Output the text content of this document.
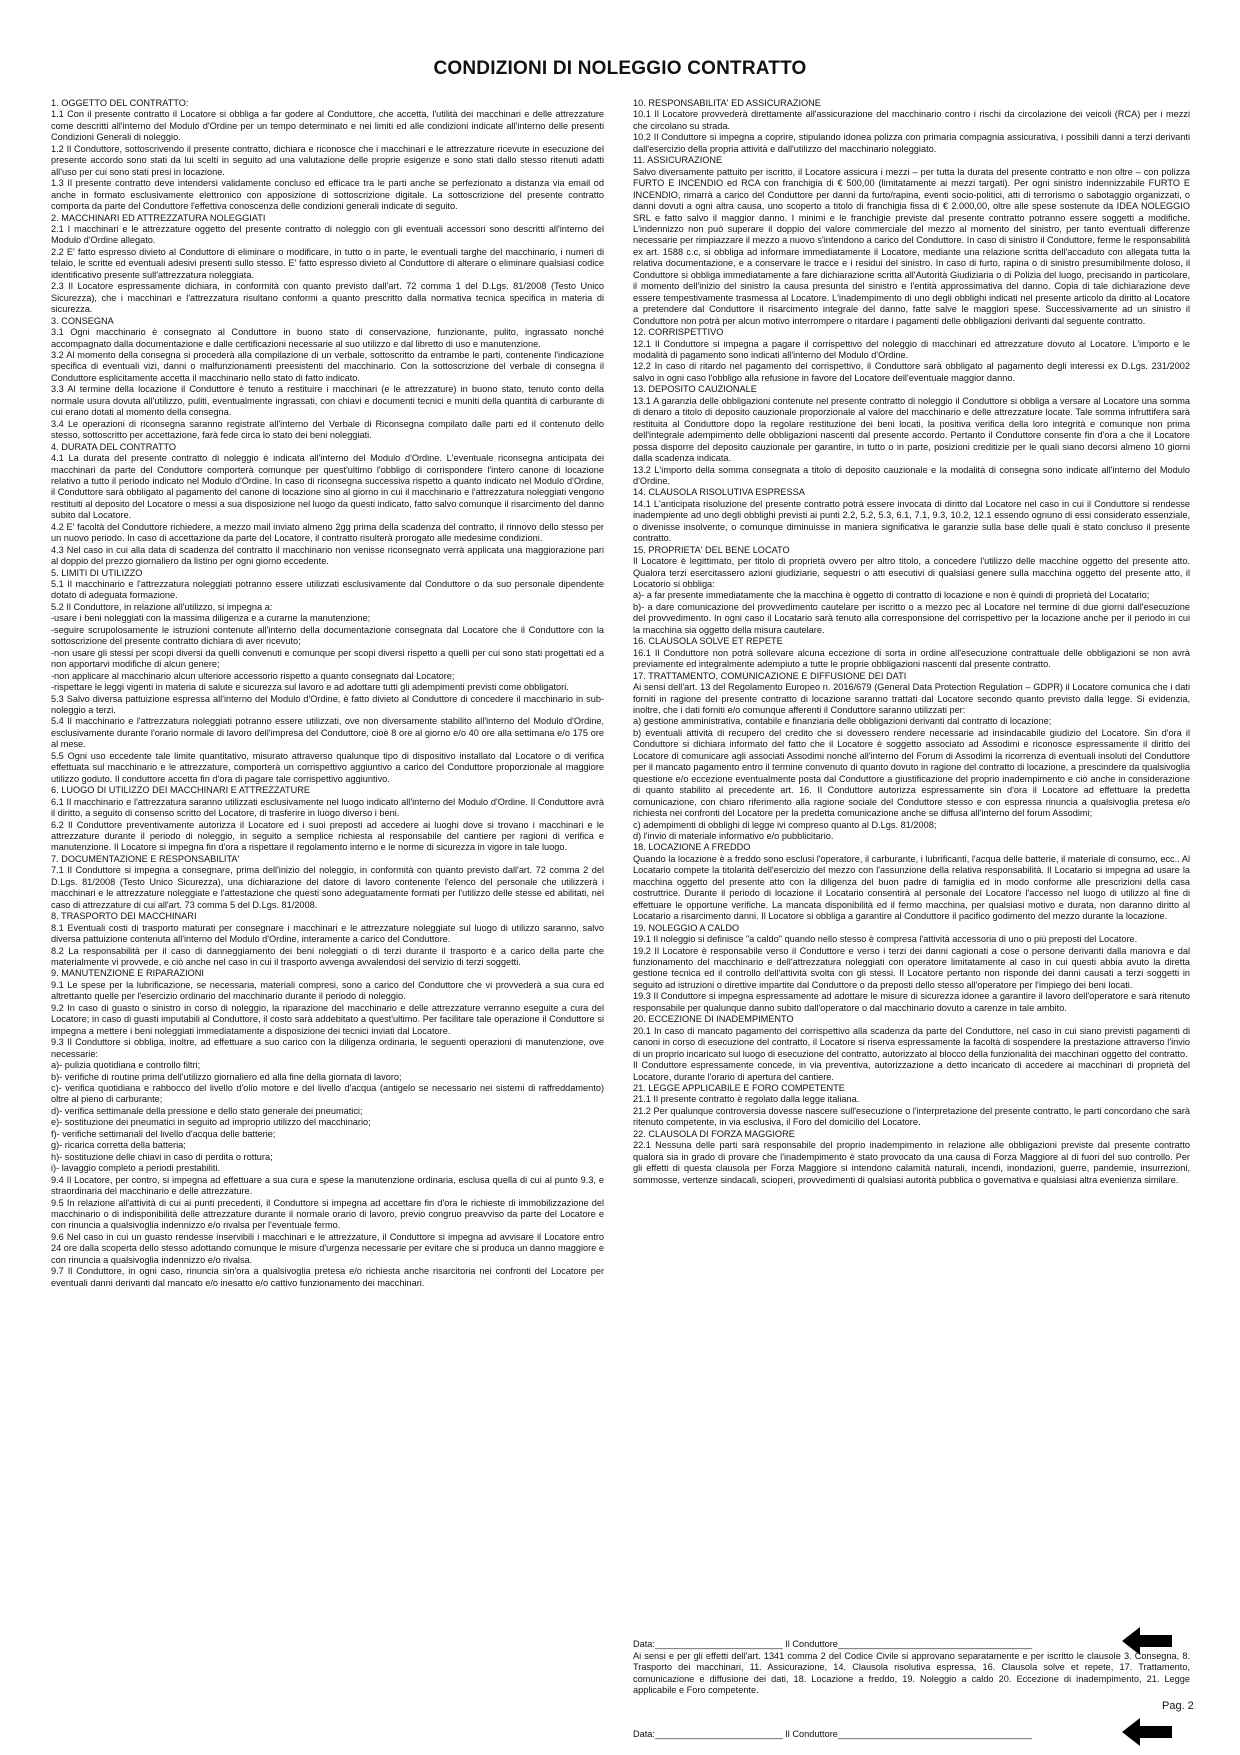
CONDIZIONI DI NOLEGGIO CONTRATTO

1. OGGETTO DEL CONTRATTO:

1.1 Con il presente contratto il Locatore si obbliga a far godere al Conduttore, che accetta, l'utilità dei macchinari e delle attrezzature come descritti all'interno del Modulo d'Ordine per un tempo determinato e nei limiti ed alle condizioni indicate all'interno delle presenti Condizioni Generali di noleggio.

1.2 Il Conduttore, sottoscrivendo il presente contratto, dichiara e riconosce che i macchinari e le attrezzature ricevute in esecuzione del presente accordo sono stati da lui scelti in seguito ad una valutazione delle proprie esigenze e sono stati dallo stesso ritenuti adatti all'uso per cui sono stati presi in locazione.

1.3 Il presente contratto deve intendersi validamente concluso ed efficace tra le parti anche se perfezionato a distanza via email od anche in formato esclusivamente elettronico con apposizione di sottoscrizione digitale. La sottoscrizione del presente contratto comporta da parte del Conduttore l'effettiva conoscenza delle condizioni generali indicate di seguito.

2. MACCHINARI ED ATTREZZATURA NOLEGGIATI

2.1 I macchinari e le attrezzature oggetto del presente contratto di noleggio con gli eventuali accessori sono descritti all'interno del Modulo d'Ordine allegato.

2.2 E' fatto espresso divieto al Conduttore di eliminare o modificare, in tutto o in parte, le eventuali targhe del macchinario, i numeri di telaio, le scritte ed eventuali adesivi presenti sullo stesso. E' fatto espresso divieto al Conduttore di alterare o eliminare qualsiasi codice identificativo presente sull'attrezzatura noleggiata.

2.3 Il Locatore espressamente dichiara, in conformità con quanto previsto dall'art. 72 comma 1 del D.Lgs. 81/2008 (Testo Unico Sicurezza), che i macchinari e l'attrezzatura risultano conformi a quanto prescritto dalla normativa tecnica specifica in materia di sicurezza.

3. CONSEGNA

3.1 Ogni macchinario è consegnato al Conduttore in buono stato di conservazione, funzionante, pulito, ingrassato nonché accompagnato dalla documentazione e dalle certificazioni necessarie al suo utilizzo e dal libretto di uso e manutenzione.

3.2 Al momento della consegna si procederà alla compilazione di un verbale, sottoscritto da entrambe le parti, contenente l'indicazione specifica di eventuali vizi, danni o malfunzionamenti preesistenti del macchinario. Con la sottoscrizione del verbale di consegna il Conduttore esplicitamente accetta il macchinario nello stato di fatto indicato.

3.3 Al termine della locazione il Conduttore è tenuto a restituire i macchinari (e le attrezzature) in buono stato, tenuto conto della normale usura dovuta all'utilizzo, puliti, eventualmente ingrassati, con chiavi e documenti tecnici e muniti della quantità di carburante di cui erano dotati al momento della consegna.

3.4 Le operazioni di riconsegna saranno registrate all'interno del Verbale di Riconsegna compilato dalle parti ed il contenuto dello stesso, sottoscritto per accettazione, farà fede circa lo stato dei beni noleggiati.

4. DURATA DEL CONTRATTO

4.1 La durata del presente contratto di noleggio è indicata all'interno del Modulo d'Ordine. L'eventuale riconsegna anticipata dei macchinari da parte del Conduttore comporterà comunque per quest'ultimo l'obbligo di corrispondere l'intero canone di locazione relativo a tutto il periodo indicato nel Modulo d'Ordine. In caso di riconsegna successiva rispetto a quanto indicato nel Modulo d'Ordine, il Conduttore sarà obbligato al pagamento del canone di locazione sino al giorno in cui il macchinario e l'attrezzatura noleggiati vengono restituiti al deposito del Locatore o messi a sua disposizione nel luogo da questi indicato, fatto salvo comunque il risarcimento del danno subito dal Locatore.

4.2 E' facoltà del Conduttore richiedere, a mezzo mail inviato almeno 2gg prima della scadenza del contratto, il rinnovo dello stesso per un nuovo periodo. In caso di accettazione da parte del Locatore, il contratto risulterà prorogato alle medesime condizioni.

4.3 Nel caso in cui alla data di scadenza del contratto il macchinario non venisse riconsegnato verrà applicata una maggiorazione pari al doppio del prezzo giornaliero da listino per ogni giorno eccedente.

5. LIMITI DI UTILIZZO

5.1 Il macchinario e l'attrezzatura noleggiati potranno essere utilizzati esclusivamente dal Conduttore o da suo personale dipendente dotato di adeguata formazione.

5.2 Il Conduttore, in relazione all'utilizzo, si impegna a:

-usare i beni noleggiati con la massima diligenza e a curarne la manutenzione;

-seguire scrupolosamente le istruzioni contenute all'interno della documentazione consegnata dal Locatore che il Conduttore con la sottoscrizione del presente contratto dichiara di aver ricevuto;

-non usare gli stessi per scopi diversi da quelli convenuti e comunque per scopi diversi rispetto a quelli per cui sono stati progettati ed a non apportarvi modifiche di alcun genere;

-non applicare al macchinario alcun ulteriore accessorio rispetto a quanto consegnato dal Locatore;

-rispettare le leggi vigenti in materia di salute e sicurezza sul lavoro e ad adottare tutti gli adempimenti previsti come obbligatori.

5.3 Salvo diversa pattuizione espressa all'interno del Modulo d'Ordine, è fatto divieto al Conduttore di concedere il macchinario in sub-noleggio a terzi.

5.4 Il macchinario e l'attrezzatura noleggiati potranno essere utilizzati, ove non diversamente stabilito all'interno del Modulo d'Ordine, esclusivamente durante l'orario normale di lavoro dell'impresa del Conduttore, cioè 8 ore al giorno e/o 40 ore alla settimana e/o 175 ore al mese.

5.5 Ogni uso eccedente tale limite quantitativo, misurato attraverso qualunque tipo di dispositivo installato dal Locatore o di verifica effettuata sul macchinario e le attrezzature, comporterà un corrispettivo aggiuntivo a carico del Conduttore proporzionale al maggiore utilizzo goduto. Il conduttore accetta fin d'ora di pagare tale corrispettivo aggiuntivo.

6. LUOGO DI UTILIZZO DEI MACCHINARI E ATTREZZATURE

6.1 Il macchinario e l'attrezzatura saranno utilizzati esclusivamente nel luogo indicato all'interno del Modulo d'Ordine. Il Conduttore avrà il diritto, a seguito di consenso scritto del Locatore, di trasferire in luogo diverso i beni.

6.2 Il Conduttore preventivamente autorizza il Locatore ed i suoi preposti ad accedere ai luoghi dove si trovano i macchinari e le attrezzature durante il periodo di noleggio, in seguito a semplice richiesta al responsabile del cantiere per ragioni di verifica e manutenzione. Il Locatore si impegna fin d'ora a rispettare il regolamento interno e le norme di sicurezza in vigore in tale luogo.

7. DOCUMENTAZIONE E RESPONSABILITA'

7.1 Il Conduttore si impegna a consegnare, prima dell'inizio del noleggio, in conformità con quanto previsto dall'art. 72 comma 2 del D.Lgs. 81/2008 (Testo Unico Sicurezza), una dichiarazione del datore di lavoro contenente l'elenco del personale che utilizzerà i macchinari e le attrezzature noleggiate e l'attestazione che questi sono adeguatamente formati per l'utilizzo delle stesse ed abilitati, nel caso di attrezzature di cui all'art. 73 comma 5 del D.Lgs. 81/2008.

8. TRASPORTO DEI MACCHINARI

8.1 Eventuali costi di trasporto maturati per consegnare i macchinari e le attrezzature noleggiate sul luogo di utilizzo saranno, salvo diversa pattuizione contenuta all'interno del Modulo d'Ordine, interamente a carico del Conduttore.

8.2 La responsabilità per il caso di danneggiamento dei beni noleggiati o di terzi durante il trasporto è a carico della parte che materialmente vi provvede, e ciò anche nel caso in cui il trasporto avvenga avvalendosi del servizio di terzi soggetti.

9. MANUTENZIONE E RIPARAZIONI

9.1 Le spese per la lubrificazione, se necessaria, materiali compresi, sono a carico del Conduttore che vi provvederà a sua cura ed altrettanto quelle per l'esercizio ordinario del macchinario durante il periodo di noleggio.

9.2 In caso di guasto o sinistro in corso di noleggio, la riparazione del macchinario e delle attrezzature verranno eseguite a cura del Locatore; in caso di guasti imputabili al Conduttore, il costo sarà addebitato a quest'ultimo. Per facilitare tale operazione il Conduttore si impegna a mettere i beni noleggiati immediatamente a disposizione dei tecnici inviati dal Locatore.

9.3 Il Conduttore si obbliga, inoltre, ad effettuare a suo carico con la diligenza ordinaria, le seguenti operazioni di manutenzione, ove necessarie:

a)- pulizia quotidiana e controllo filtri;

b)- verifiche di routine prima dell'utilizzo giornaliero ed alla fine della giornata di lavoro;

c)- verifica quotidiana e rabbocco del livello d'olio motore e del livello d'acqua (antigelo se necessario nei sistemi di raffreddamento) oltre al pieno di carburante;

d)- verifica settimanale della pressione e dello stato generale dei pneumatici;

e)- sostituzione dei pneumatici in seguito ad improprio utilizzo del macchinario;

f)- verifiche settimanali del livello d'acqua delle batterie;

g)- ricarica corretta della batteria;

h)- sostituzione delle chiavi in caso di perdita o rottura;

i)- lavaggio completo a periodi prestabiliti.

9.4 Il Locatore, per contro, si impegna ad effettuare a sua cura e spese la manutenzione ordinaria, esclusa quella di cui al punto 9.3, e straordinaria del macchinario e delle attrezzature.

9.5 In relazione all'attività di cui ai punti precedenti, il Conduttore si impegna ad accettare fin d'ora le richieste di immobilizzazione del macchinario o di indisponibilità delle attrezzature durante il normale orario di lavoro, previo congruo preavviso da parte del Locatore e con rinuncia a qualsivoglia indennizzo e/o rivalsa per l'eventuale fermo.

9.6 Nel caso in cui un guasto rendesse inservibili i macchinari e le attrezzature, il Conduttore si impegna ad avvisare il Locatore entro 24 ore dalla scoperta dello stesso adottando comunque le misure d'urgenza necessarie per evitare che si produca un danno maggiore e con rinuncia a qualsivoglia indennizzo e/o rivalsa.

9.7 Il Conduttore, in ogni caso, rinuncia sin'ora a qualsivoglia pretesa e/o richiesta anche risarcitoria nei confronti del Locatore per eventuali danni derivanti dal mancato e/o inesatto e/o cattivo funzionamento dei macchinari.

10. RESPONSABILITA' ED ASSICURAZIONE

10.1 Il Locatore provvederà direttamente all'assicurazione del macchinario contro i rischi da circolazione dei veicoli (RCA) per i mezzi che circolano su strada.

10.2 Il Conduttore si impegna a coprire, stipulando idonea polizza con primaria compagnia assicurativa, i possibili danni a terzi derivanti dall'esercizio della propria attività e dall'utilizzo del macchinario noleggiato.

11. ASSICURAZIONE

Salvo diversamente pattuito per iscritto, il Locatore assicura i mezzi – per tutta la durata del presente contratto e non oltre – con polizza FURTO E INCENDIO ed RCA con franchigia di € 500,00 (limitatamente ai mezzi targati). Per ogni sinistro indennizzabile FURTO E INCENDIO, rimarrà a carico del Conduttore per danni da furto/rapina, eventi socio-politici, atti di terrorismo o sabotaggio organizzati, o danni dovuti a ogni altra causa, uno scoperto a titolo di franchigia fissa di € 2.000,00, oltre alle spese sostenute da IDEA NOLEGGIO SRL e fatto salvo il maggior danno. I minimi e le franchigie previste dal presente contratto potranno essere soggetti a modifiche. L'indennizzo non può superare il doppio del valore commerciale del mezzo al momento del sinistro, per tanto eventuali differenze necessarie per rimpiazzare il mezzo a nuovo s'intendono a carico del Conduttore. In caso di sinistro il Conduttore, ferme le responsabilità ex art. 1588 c.c, si obbliga ad informare immediatamente il Locatore, mediante una relazione scritta dell'accaduto con allegata tutta la relativa documentazione, e a conservare le tracce e i residui del sinistro. In caso di furto, rapina o di sinistro presumibilmente doloso, il Conduttore si obbliga immediatamente a fare dichiarazione scritta all'Autorità Giudiziaria o di Polizia del luogo, precisando in particolare, il momento dell'inizio del sinistro la causa presunta del sinistro e l'entità approssimativa del danno. Copia di tale dichiarazione deve essere tempestivamente trasmessa al Locatore. L'inadempimento di uno degli obblighi indicati nel presente articolo da diritto al Locatore a pretendere dal Conduttore il risarcimento integrale del danno, fatte salve le maggiori spese. Successivamente ad un sinistro il Conduttore non potrà per alcun motivo interrompere o ritardare i pagamenti delle obbligazioni derivanti dal seguente contratto.

12. CORRISPETTIVO

12.1 Il Conduttore si impegna a pagare il corrispettivo del noleggio di macchinari ed attrezzature dovuto al Locatore. L'importo e le modalità di pagamento sono indicati all'interno del Modulo d'Ordine.

12.2 In caso di ritardo nel pagamento del corrispettivo, il Conduttore sarà obbligato al pagamento degli interessi ex D.Lgs. 231/2002 salvo in ogni caso l'obbligo alla refusione in favore del Locatore dell'eventuale maggior danno.

13. DEPOSITO CAUZIONALE

13.1 A garanzia delle obbligazioni contenute nel presente contratto di noleggio il Conduttore si obbliga a versare al Locatore una somma di denaro a titolo di deposito cauzionale proporzionale al valore del macchinario e delle attrezzature locate. Tale somma infruttifera sarà restituita al Conduttore dopo la regolare restituzione dei beni locati, la positiva verifica della loro integrità e comunque non prima dell'integrale adempimento delle obbligazioni nascenti dal presente accordo. Pertanto il Conduttore consente fin d'ora a che il Locatore possa disporre del deposito cauzionale per garantire, in tutto o in parte, posizioni creditizie per le quali siano decorsi almeno 10 giorni dalla scadenza indicata.

13.2 L'importo della somma consegnata a titolo di deposito cauzionale e la modalità di consegna sono indicate all'interno del Modulo d'Ordine.

14. CLAUSOLA RISOLUTIVA ESPRESSA

14.1 L'anticipata risoluzione del presente contratto potrà essere invocata di diritto dal Locatore nel caso in cui il Conduttore si rendesse inadempiente ad uno degli obblighi previsti ai punti 2.2, 5.2, 5.3, 6.1, 7.1, 9.3, 10.2, 12.1 essendo ognuno di essi considerato essenziale, o divenisse insolvente, o comunque diminuisse in maniera significativa le garanzie sulla base delle quali è stato concluso il presente contratto.

15. PROPRIETA' DEL BENE LOCATO

Il Locatore è legittimato, per titolo di proprietà ovvero per altro titolo, a concedere l'utilizzo delle macchine oggetto del presente atto. Qualora terzi esercitassero azioni giudiziarie, sequestri o atti esecutivi di qualsiasi genere sulla macchina oggetto del presente atto, il Locatorio si obbliga:

a)- a far presente immediatamente che la macchina è oggetto di contratto di locazione e non è quindi di proprietà del Locatario;

b)- a dare comunicazione del provvedimento cautelare per iscritto o a mezzo pec al Locatore nel termine di due giorni dall'esecuzione del provvedimento. In ogni caso il Locatario sarà tenuto alla corresponsione del corrispettivo per la locazione anche per il periodo in cui la macchina sia oggetto della misura cautelare.

16. CLAUSOLA SOLVE ET REPETE

16.1 Il Conduttore non potrà sollevare alcuna eccezione di sorta in ordine all'esecuzione contrattuale delle obbligazioni se non avrà previamente ed integralmente adempiuto a tutte le proprie obbligazioni nascenti dal presente contratto.

17. TRATTAMENTO, COMUNICAZIONE E DIFFUSIONE DEI DATI

Ai sensi dell'art. 13 del Regolamento Europeo n. 2016/679 (General Data Protection Regulation – GDPR) il Locatore comunica che i dati forniti in ragione del presente contratto di locazione saranno trattati dal Locatore secondo quanto previsto dalla legge. Si evidenzia, inoltre, che i dati forniti e/o comunque afferenti il Conduttore saranno utilizzati per:

a) gestione amministrativa, contabile e finanziaria delle obbligazioni derivanti dal contratto di locazione;

b) eventuali attività di recupero del credito che si dovessero rendere necessarie ad insindacabile giudizio del Locatore. Sin d'ora il Conduttore si dichiara informato del fatto che il Locatore è soggetto associato ad Assodimi e riconosce espressamente il diritto del Locatore di comunicare agli associati Assodimi nonché all'interno del Forum di Assodimi la ricorrenza di eventuali insoluti del Conduttore per il mancato pagamento entro il termine convenuto di quanto dovuto in ragione del contratto di locazione, a prescindere da qualsivoglia questione e/o eccezione eventualmente posta dal Conduttore a giustificazione del proprio inadempimento e ciò anche in considerazione di quanto stabilito al precedente art. 16. Il Conduttore autorizza espressamente sin d'ora il Locatore ad effettuare la predetta comunicazione, con chiaro riferimento alla ragione sociale del Conduttore stesso e con espressa rinuncia a qualsivoglia pretesa e/o richiesta nei confronti del Locatore per la predetta comunicazione anche se diffusa all'interno del forum Assodimi;

c) adempimenti di obblighi di legge ivi compreso quanto al D.Lgs. 81/2008;

d) l'invio di materiale informativo e/o pubblicitario.

18. LOCAZIONE A FREDDO

Quando la locazione è a freddo sono esclusi l'operatore, il carburante, i lubrificanti, l'acqua delle batterie, il materiale di consumo, ecc.. Al Locatario compete la titolarità dell'esercizio del mezzo con l'assunzione della relativa responsabilità. Il Locatario si impegna ad usare la macchina oggetto del presente atto con la diligenza del buon padre di famiglia ed in modo conforme alle prescrizioni della casa costruttrice. Durante il periodo di locazione il Locatario consentirà al personale del Locatore l'accesso nel luogo di utilizzo al fine di effettuare le opportune verifiche. La mancata disponibilità ed il fermo macchina, per qualsiasi motivo e durata, non daranno diritto al Locatario a risarcimento danni. Il Locatore si obbliga a garantire al Conduttore il pacifico godimento del mezzo durante la locazione.

19. NOLEGGIO A CALDO

19.1 Il noleggio si definisce "a caldo" quando nello stesso è compresa l'attività accessoria di uno o più preposti del Locatore.

19.2 Il Locatore è responsabile verso il Conduttore e verso i terzi dei danni cagionati a cose o persone derivanti dalla manovra e dal funzionamento del macchinario e dell'attrezzatura noleggiati con operatore limitatamente al caso in cui questi abbia avuto la diretta gestione tecnica ed il controllo dell'attività svolta con gli stessi. Il Locatore pertanto non risponde dei danni causati a terzi soggetti in seguito ad istruzioni o direttive impartite dal Conduttore o da preposti dello stesso all'operatore per l'impiego dei beni locati.

19.3 Il Conduttore si impegna espressamente ad adottare le misure di sicurezza idonee a garantire il lavoro dell'operatore e sarà ritenuto responsabile per qualunque danno subito dall'operatore o dal macchinario dovuto a carenze in tale ambito.

20. ECCEZIONE DI INADEMPIMENTO

20.1 In caso di mancato pagamento del corrispettivo alla scadenza da parte del Conduttore, nel caso in cui siano previsti pagamenti di canoni in corso di esecuzione del contratto, il Locatore si riserva espressamente la facoltà di sospendere la prestazione attraverso l'invio di un proprio incaricato sul luogo di esecuzione del contratto, autorizzato al blocco della funzionalità dei macchinari oggetto del contratto.

Il Conduttore espressamente concede, in via preventiva, autorizzazione a detto incaricato di accedere ai macchinari di proprietà del Locatore, durante l'orario di apertura del cantiere.

21. LEGGE APPLICABILE E FORO COMPETENTE

21.1 Il presente contratto è regolato dalla legge italiana.

21.2 Per qualunque controversia dovesse nascere sull'esecuzione o l'interpretazione del presente contratto, le parti concordano che sarà ritenuto competente, in via esclusiva, il Foro del domicilio del Locatore.

22. CLAUSOLA DI FORZA MAGGIORE

22.1 Nessuna delle parti sarà responsabile del proprio inadempimento in relazione alle obbligazioni previste dal presente contratto qualora sia in grado di provare che l'inadempimento è stato provocato da una causa di Forza Maggiore al di fuori del suo controllo. Per gli effetti di questa clausola per Forza Maggiore si intendono calamità naturali, incendi, inondazioni, guerre, pandemie, insurrezioni, sommosse, vertenze sindacali, scioperi, provvedimenti di qualsiasi autorità pubblica o governativa e qualsiasi altra evenienza similare.

Data:_________________________ Il Conduttore______________________________________
Ai sensi e per gli effetti dell'art. 1341 comma 2 del Codice Civile si approvano separatamente e per iscritto le clausole 3. Consegna, 8. Trasporto dei macchinari, 11. Assicurazione, 14. Clausola risolutiva espressa, 16. Clausola solve et repete, 17. Trattamento, comunicazione e diffusione dei dati, 18. Locazione a freddo, 19. Noleggio a caldo 20. Eccezione di inadempimento, 21. Legge applicabile e Foro competente.
Pag. 2
Data:_________________________ Il Conduttore______________________________________
